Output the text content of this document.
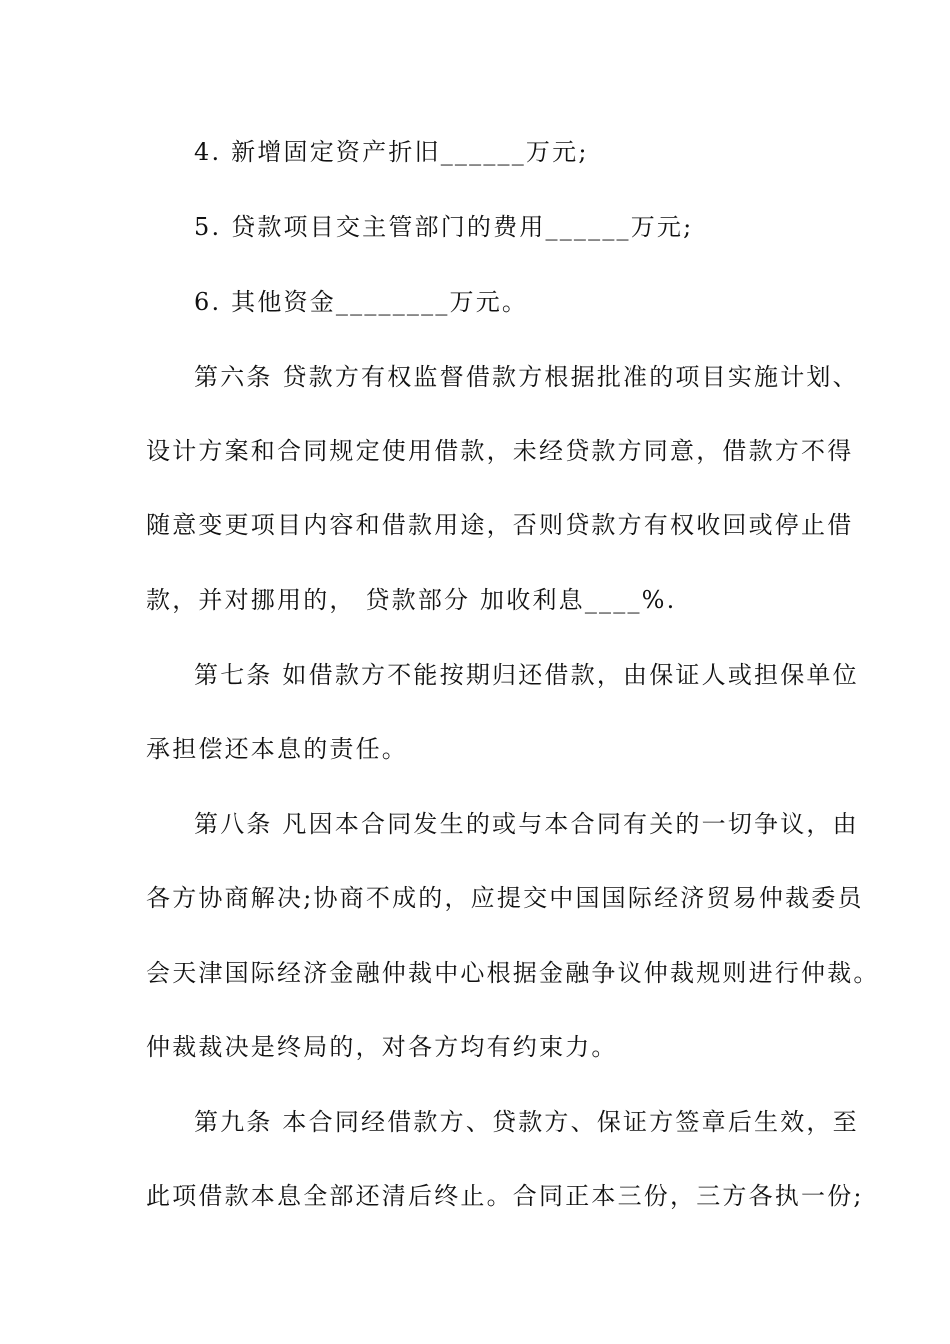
4. 新增固定资产折旧______万元;
5. 贷款项目交主管部门的费用______万元;
6. 其他资金________万元。
第六条 贷款方有权监督借款方根据批准的项目实施计划、
设计方案和合同规定使用借款，未经贷款方同意，借款方不得
随意变更项目内容和借款用途，否则贷款方有权收回或停止借
款，并对挪用的， 贷款部分 加收利息____%.
第七条 如借款方不能按期归还借款，由保证人或担保单位
承担偿还本息的责任。
第八条 凡因本合同发生的或与本合同有关的一切争议，由
各方协商解决;协商不成的，应提交中国国际经济贸易仲裁委员
会天津国际经济金融仲裁中心根据金融争议仲裁规则进行仲裁。
仲裁裁决是终局的，对各方均有约束力。
第九条 本合同经借款方、贷款方、保证方签章后生效，至
此项借款本息全部还清后终止。合同正本三份，三方各执一份;
